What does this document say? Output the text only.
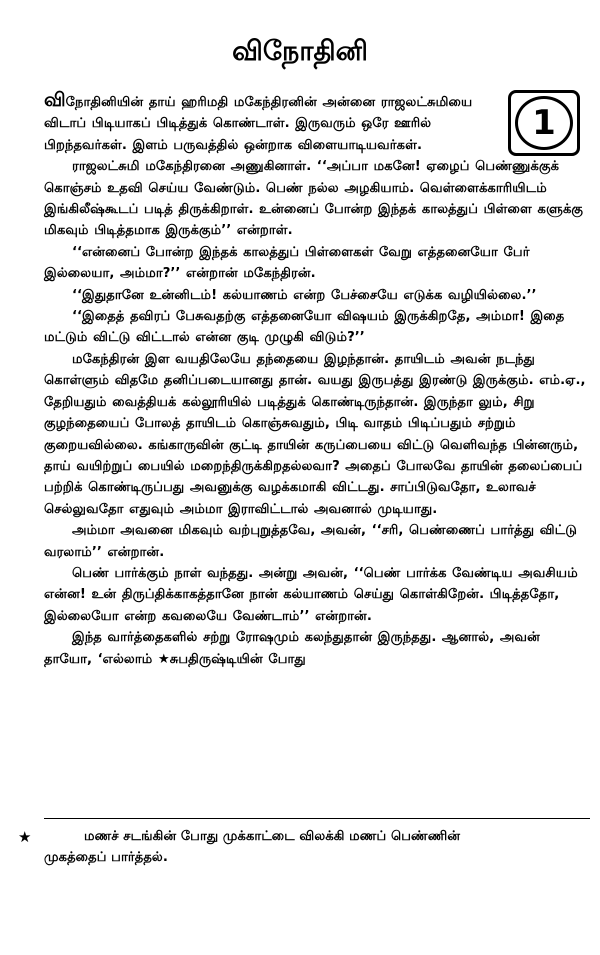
விநோதினி
1

விநோதினியின் தாய் ஹரிமதி மகேந்திரனின் அன்னை ராஜலட்சுமியை விடாப் பிடியாகப் பிடித்துக் கொண்டாள். இருவரும் ஒரே ஊரில் பிறந்தவர்கள். இளம் பருவத்தில் ஒன்றாக விளையாடியவர்கள்.

ராஜலட்சுமி மகேந்திரனை அணுகினாள். ‘‘அப்பா மகனே! ஏழைப் பெண்ணுக்குக் கொஞ்சம் உதவி செய்ய வேண்டும். பெண் நல்ல அழகியாம். வெள்ளைக்காரியிடம் இங்கிலீஷ்கூடப் படித் திருக்கிறாள். உன்னைப் போன்ற இந்தக் காலத்துப் பிள்ளை களுக்கு மிகவும் பிடித்தமாக இருக்கும்’’ என்றாள்.

‘‘என்னைப் போன்ற இந்தக் காலத்துப் பிள்ளைகள் வேறு எத்தனையோ பேர் இல்லையா, அம்மா?’’ என்றான் மகேந்திரன்.

‘‘இதுதானே உன்னிடம்! கல்யாணம் என்ற பேச்சையே எடுக்க வழியில்லை.’’

‘‘இதைத் தவிரப் பேசுவதற்கு எத்தனையோ விஷயம் இருக்கிறதே, அம்மா! இதை மட்டும் விட்டு விட்டால் என்ன குடி முழுகி விடும்?’’

மகேந்திரன் இள வயதிலேயே தந்தையை இழந்தான். தாயிடம் அவன் நடந்து கொள்ளும் விதமே தனிப்படையானது தான். வயது இருபத்து இரண்டு இருக்கும். எம்.ஏ., தேறியதும் வைத்தியக் கல்லூரியில் படித்துக் கொண்டிருந்தான். இருந்தா லும், சிறு குழந்தையைப் போலத் தாயிடம் கொஞ்சுவதும், பிடி வாதம் பிடிப்பதும் சற்றும் குறையவில்லை. கங்காருவின் குட்டி தாயின் கருப்பையை விட்டு வெளிவந்த பின்னரும், தாய் வயிற்றுப் பையில் மறைந்திருக்கிறதல்லவா? அதைப் போலவே தாயின் தலைப்பைப் பற்றிக் கொண்டிருப்பது அவனுக்கு வழக்கமாகி விட்டது. சாப்பிடுவதோ, உலாவச் செல்லுவதோ எதுவும் அம்மா இராவிட்டால் அவனால் முடியாது.

அம்மா அவனை மிகவும் வற்புறுத்தவே, அவன், ‘‘சரி, பெண்ணைப் பார்த்து விட்டு வரலாம்’’ என்றான்.

பெண் பார்க்கும் நாள் வந்தது. அன்று அவன், ‘‘பெண் பார்க்க வேண்டிய அவசியம் என்ன! உன் திருப்திக்காகத்தானே நான் கல்யாணம் செய்து கொள்கிறேன். பிடித்ததோ, இல்லையோ என்ற கவலையே வேண்டாம்’’ என்றான்.

இந்த வார்த்தைகளில் சற்று ரோஷமும் கலந்துதான் இருந்தது. ஆனால், அவன் தாயோ, ‘எல்லாம் ★சுபதிருஷ்டியின் போது

★	மணச் சடங்கின் போது முக்காட்டை விலக்கி மணப் பெண்ணின்

முகத்தைப் பார்த்தல்.
